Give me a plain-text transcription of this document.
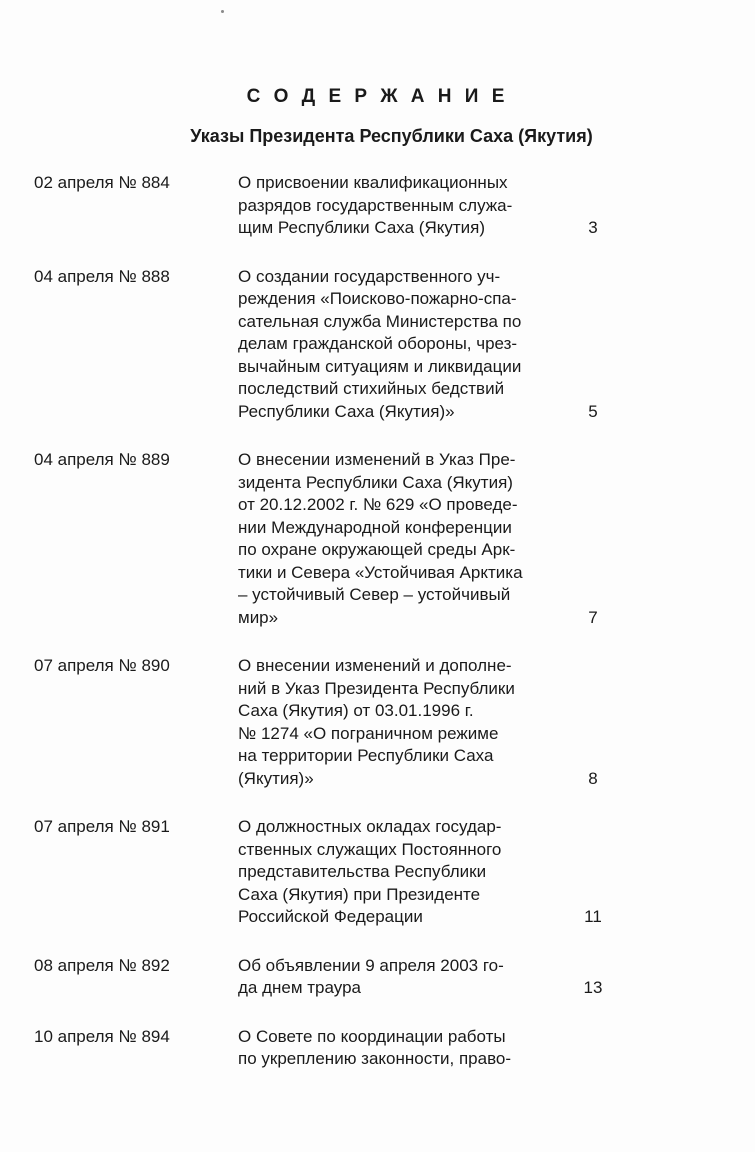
С О Д Е Р Ж А Н И Е
Указы Президента Республики Саха (Якутия)
02 апреля № 884	О присвоении квалификационных
разрядов государственным служа-
щим Республики Саха (Якутия)	3
04 апреля № 888	О создании государственного уч-
реждения «Поисково-пожарно-спа-
сательная служба Министерства по
делам гражданской обороны, чрез-
вычайным ситуациям и ликвидации
последствий стихийных бедствий
Республики Саха (Якутия)»	5
04 апреля № 889	О внесении изменений в Указ Пре-
зидента Республики Саха (Якутия)
от 20.12.2002 г. № 629 «О проведе-
нии Международной конференции
по охране окружающей среды Арк-
тики и Севера «Устойчивая Арктика
– устойчивый Север – устойчивый
мир»	7
07 апреля № 890	О внесении изменений и дополне-
ний в Указ Президента Республики
Саха (Якутия) от 03.01.1996 г.
№ 1274 «О пограничном режиме
на территории Республики Саха
(Якутия)»	8
07 апреля № 891	О должностных окладах государ-
ственных служащих Постоянного
представительства Республики
Саха (Якутия) при Президенте
Российской Федерации	11
08 апреля № 892	Об объявлении 9 апреля 2003 го-
да днем траура	13
10 апреля № 894	О Совете по координации работы
по укреплению законности, право-
